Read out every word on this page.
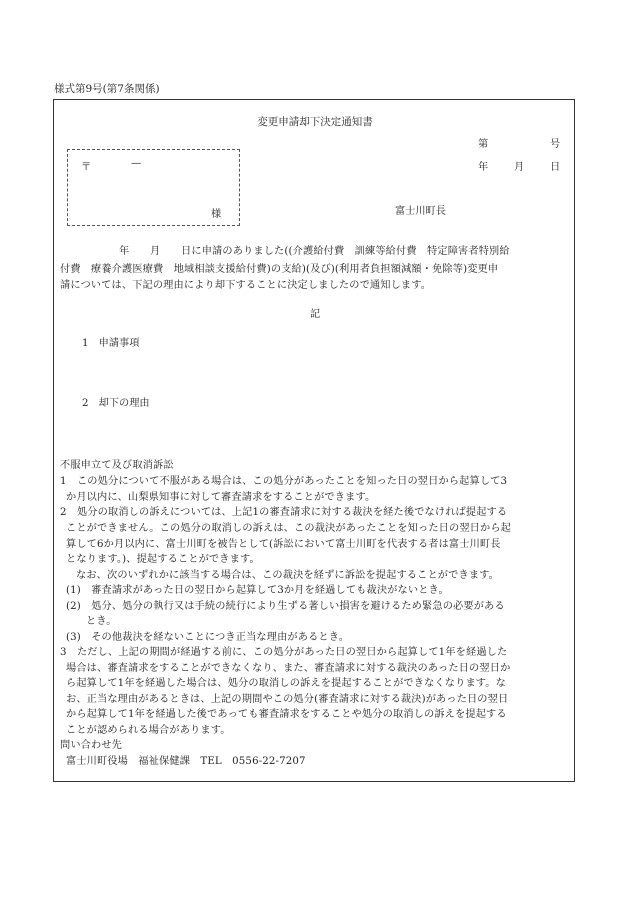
様式第9号(第7条関係)
変更申請却下決定通知書
第	号
年	月	日
〒	—
様	富士川町長
年　　月　　日に申請のありました((介護給付費　訓練等給付費　特定障害者特別給
付費　療養介護医療費　地域相談支援給付費)の支給)(及び)(利用者負担額減額・免除等)変更申
請については、下記の理由により却下することに決定しましたので通知します。
記
1　申請事項
2　却下の理由
不服申立て及び取消訴訟
1　この処分について不服がある場合は、この処分があったことを知った日の翌日から起算して3
か月以内に、山梨県知事に対して審査請求をすることができます。
2　処分の取消しの訴えについては、上記1の審査請求に対する裁決を経た後でなければ提起する
ことができません。この処分の取消しの訴えは、この裁決があったことを知った日の翌日から起
算して6か月以内に、富士川町を被告として(訴訟において富士川町を代表する者は富士川町長
となります。)、提起することができます。
なお、次のいずれかに該当する場合は、この裁決を経ずに訴訟を提起することができます。
(1)　審査請求があった日の翌日から起算して3か月を経過しても裁決がないとき。
(2)　処分、処分の執行又は手続の続行により生ずる著しい損害を避けるため緊急の必要がある
とき。
(3)　その他裁決を経ないことにつき正当な理由があるとき。
3　ただし、上記の期間が経過する前に、この処分があった日の翌日から起算して1年を経過した
場合は、審査請求をすることができなくなり、また、審査請求に対する裁決のあった日の翌日か
ら起算して1年を経過した場合は、処分の取消しの訴えを提起することができなくなります。な
お、正当な理由があるときは、上記の期間やこの処分(審査請求に対する裁決)があった日の翌日
から起算して1年を経過した後であっても審査請求をすることや処分の取消しの訴えを提起する
ことが認められる場合があります。
問い合わせ先
富士川町役場　福祉保健課　TEL　0556-22-7207
